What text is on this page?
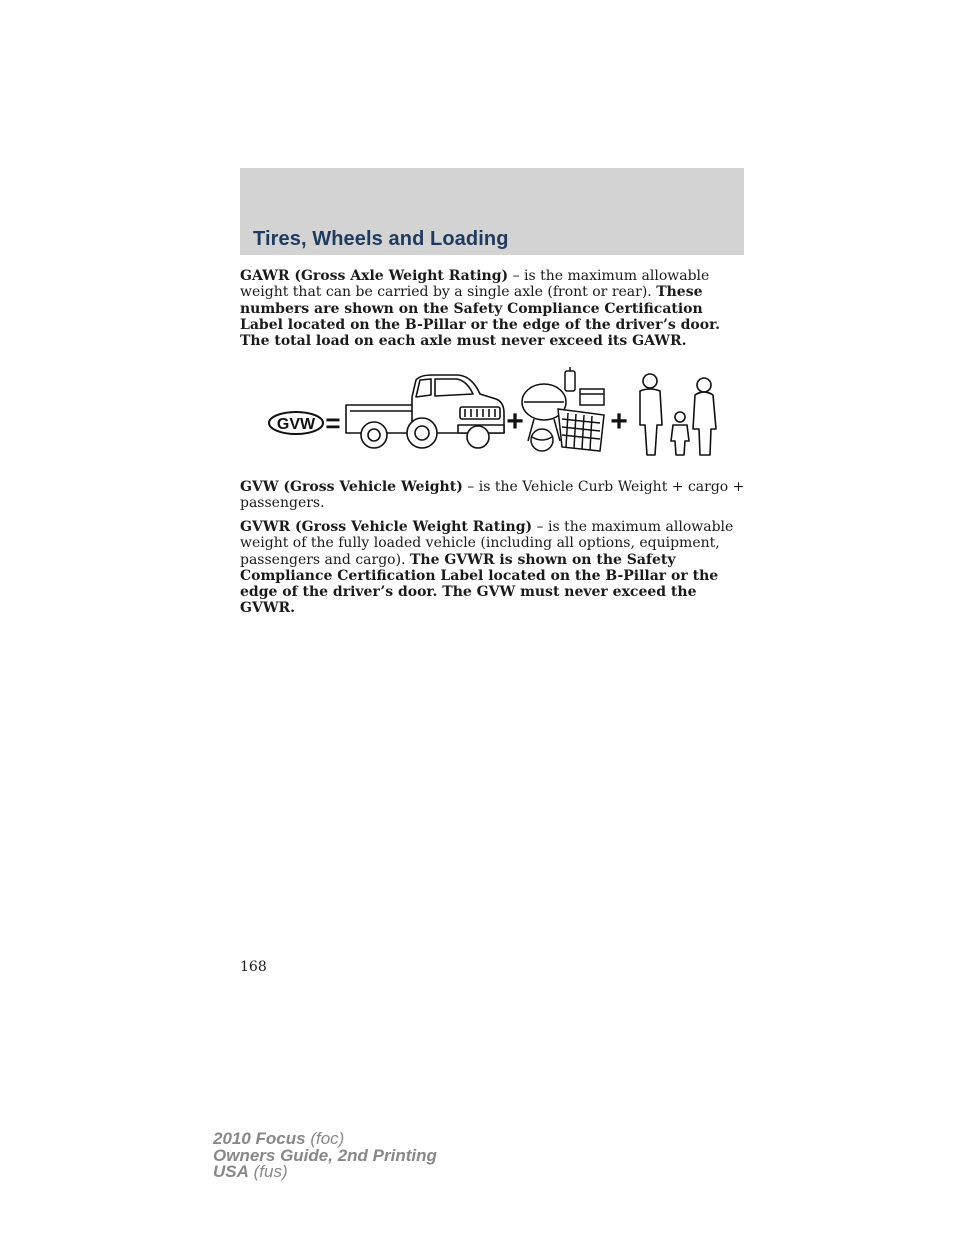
Tires, Wheels and Loading

GAWR (Gross Axle Weight Rating) – is the maximum allowable weight that can be carried by a single axle (front or rear). These numbers are shown on the Safety Compliance Certification Label located on the B-Pillar or the edge of the driver’s door. The total load on each axle must never exceed its GAWR.

GVW =	+	+

GVW (Gross Vehicle Weight) – is the Vehicle Curb Weight + cargo + passengers.

GVWR (Gross Vehicle Weight Rating) – is the maximum allowable weight of the fully loaded vehicle (including all options, equipment, passengers and cargo). The GVWR is shown on the Safety Compliance Certification Label located on the B-Pillar or the edge of the driver’s door. The GVW must never exceed the GVWR.

168
2010 Focus (foc)
Owners Guide, 2nd Printing
USA (fus)
